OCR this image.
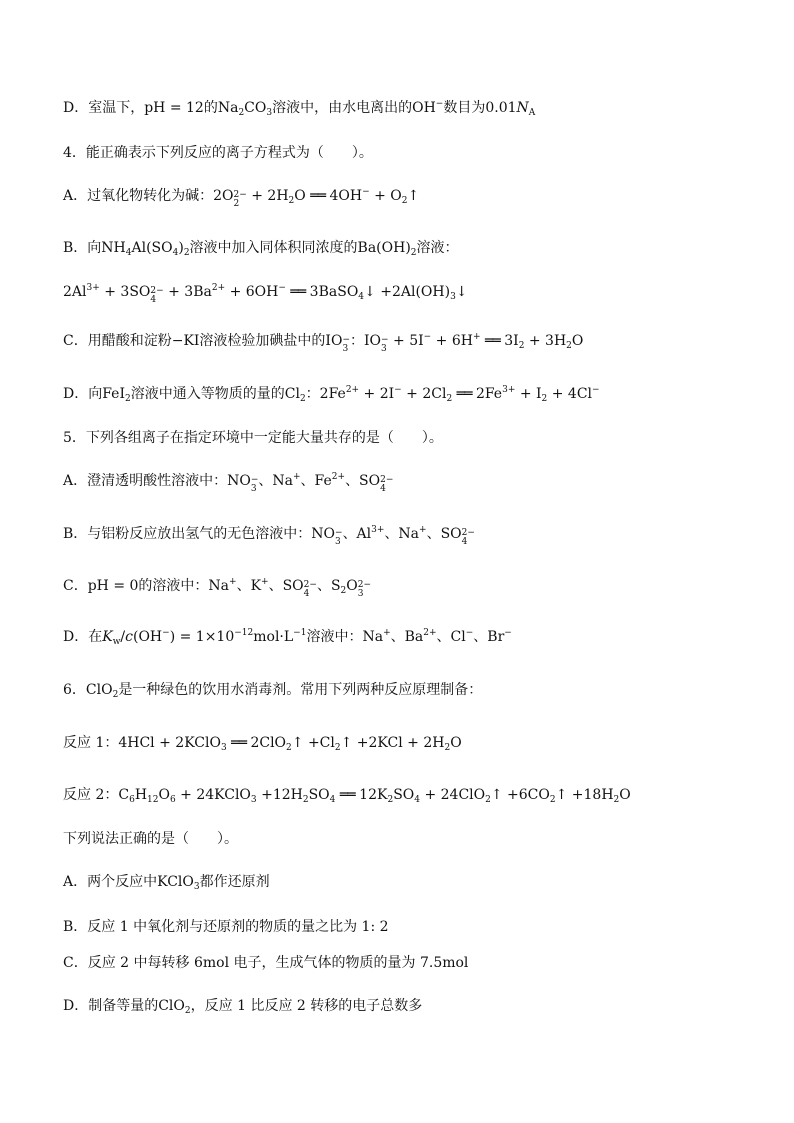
D．室温下，pH = 12的$Na_2CO_3$溶液中，由水电离出的OH−数目为$0.01N_A$
4．能正确表示下列反应的离子方程式为（　　）。
A．过氧化物转化为碱：2O 2−
$2 + 2H_2O$ ══ $4OH^- + O_2↑$
B．向$NH_4Al(SO_4)_2$溶液中加入同体积同浓度的$Ba(OH)_2$溶液：
$2Al^{3+} + 3SO$ 2−
$4 + 3Ba^{2+} + 6OH^-$ ══ 3BaSO$_4$↓ $+2Al(OH)_3↓$
C．用醋酸和淀粉−KI溶液检验加碘盐中的IO −
3 ：IO −
3 + 5I− + 6H+ ══ $3I_2 + 3H_2O$
D．向FeI$_2$溶液中通入等物质的量的$Cl_2$：$2Fe^{2+} + 2I^- + 2Cl_2$ ══ $2Fe^{3+} + I_2 + 4Cl^-$
5．下列各组离子在指定环境中一定能大量共存的是（　　）。
A．澄清透明酸性溶液中：NO −
3 、Na+、$Fe^{2+}$、SO 2−
4
B．与铝粉反应放出氢气的无色溶液中：NO −
3 、$Al^{3+}$、Na+、SO 2−
4
C．pH = 0的溶液中：Na+、K+、SO 2−
4 、$S_2O$ 2−
3
D．在$K_w/c(OH^-) = 1\times 10^{-12}mol\cdot L^{-1}$溶液中：Na+、$Ba^{2+}$、Cl−、Br−
6．ClO$_2$是一种绿色的饮用水消毒剂。常用下列两种反应原理制备：
反应 1：4HCl + 2KClO$_3$ ══ 2ClO$_2$↑ $+Cl_2↑ +2KCl + 2H_2O$
反应 2：$C_6H_{12}O_6$ + 24KClO$_3$ $+12H_2SO_4$ ══ $12K_2SO_4$ + 24ClO$_2$↑ $+6CO_2↑ +18H_2O$
下列说法正确的是（　　）。
A．两个反应中KClO$_3$都作还原剂
B．反应 1 中氧化剂与还原剂的物质的量之比为 1: 2
C．反应 2 中每转移 6mol 电子，生成气体的物质的量为 7.5mol
D．制备等量的ClO$_2$，反应 1 比反应 2 转移的电子总数多
